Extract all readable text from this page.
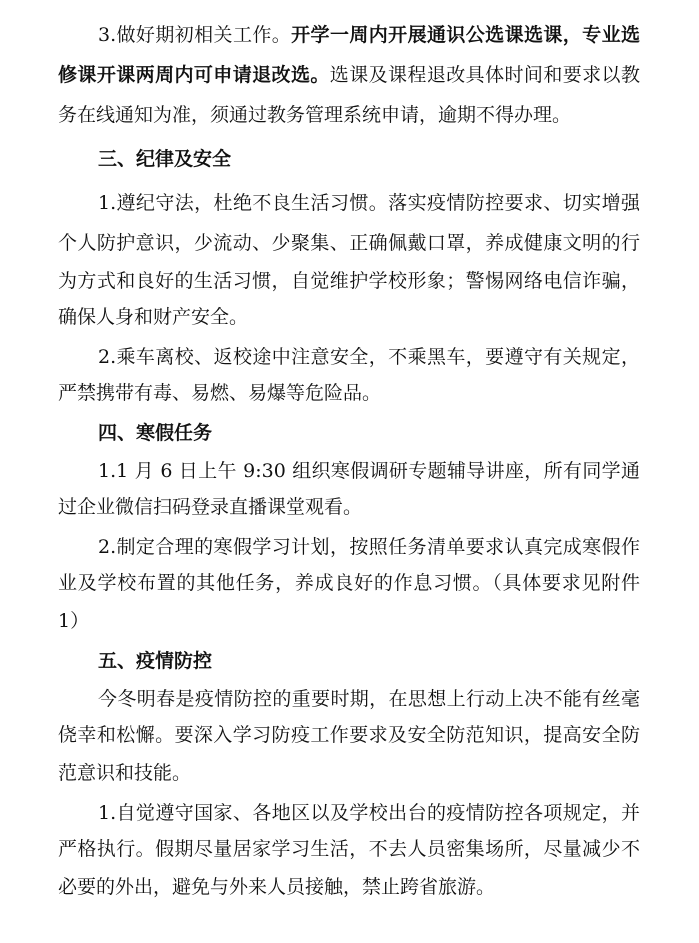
3.做好期初相关工作。开学一周内开展通识公选课选课，专业选
修课开课两周内可申请退改选。选课及课程退改具体时间和要求以教
务在线通知为准，须通过教务管理系统申请，逾期不得办理。
三、纪律及安全
1.遵纪守法，杜绝不良生活习惯。落实疫情防控要求、切实增强
个人防护意识，少流动、少聚集、正确佩戴口罩，养成健康文明的行
为方式和良好的生活习惯，自觉维护学校形象；警惕网络电信诈骗，
确保人身和财产安全。
2.乘车离校、返校途中注意安全，不乘黑车，要遵守有关规定，
严禁携带有毒、易燃、易爆等危险品。
四、寒假任务
1.1 月 6 日上午 9:30 组织寒假调研专题辅导讲座，所有同学通
过企业微信扫码登录直播课堂观看。
2.制定合理的寒假学习计划，按照任务清单要求认真完成寒假作
业及学校布置的其他任务，养成良好的作息习惯。（具体要求见附件
1）
五、疫情防控
今冬明春是疫情防控的重要时期，在思想上行动上决不能有丝毫
侥幸和松懈。要深入学习防疫工作要求及安全防范知识，提高安全防
范意识和技能。
1.自觉遵守国家、各地区以及学校出台的疫情防控各项规定，并
严格执行。假期尽量居家学习生活，不去人员密集场所，尽量减少不
必要的外出，避免与外来人员接触，禁止跨省旅游。
